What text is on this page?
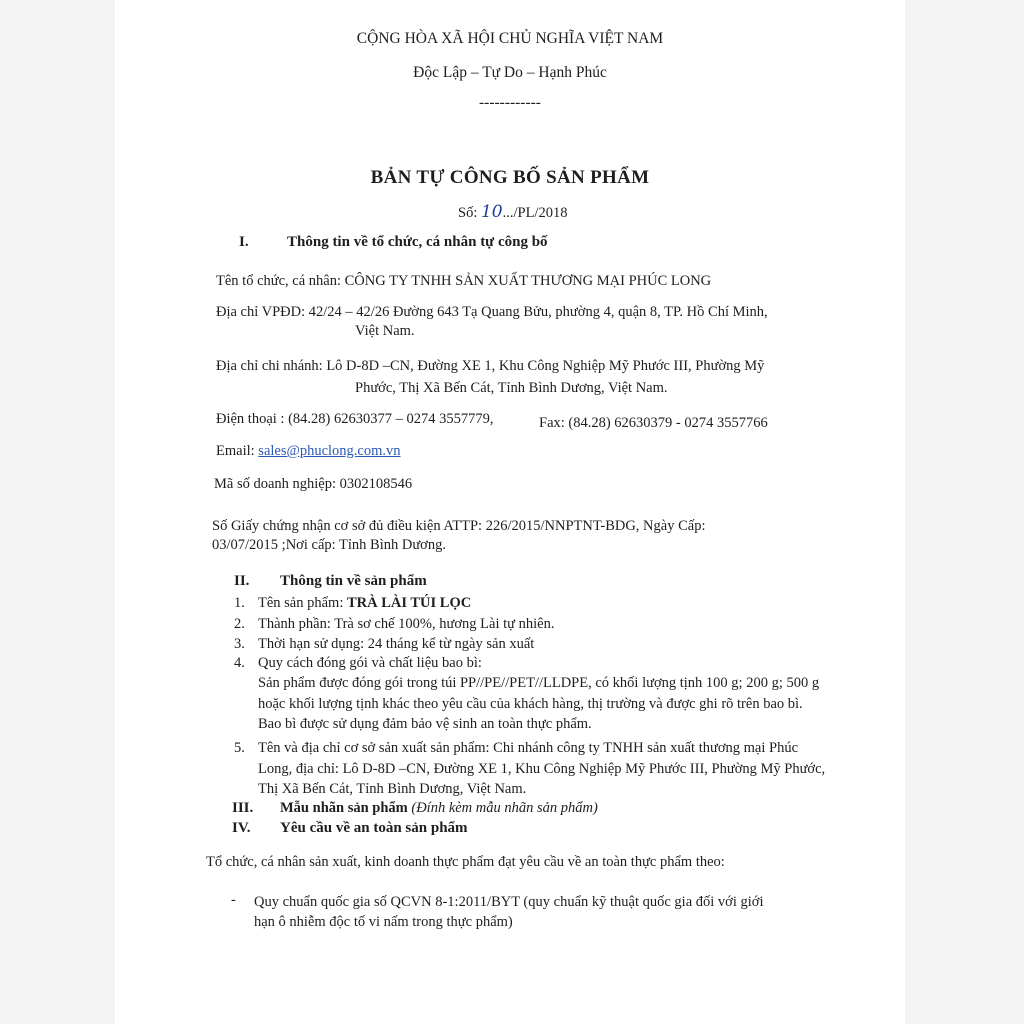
CỘNG HÒA XÃ HỘI CHỦ NGHĨA VIỆT NAM
Độc Lập – Tự Do – Hạnh Phúc
------------
BẢN TỰ CÔNG BỐ SẢN PHẨM
Số: 10.../PL/2018
I.	Thông tin về tổ chức, cá nhân tự công bố
Tên tổ chức, cá nhân: CÔNG TY TNHH SẢN XUẤT THƯƠNG MẠI PHÚC LONG
Địa chỉ VPĐD: 42/24 – 42/26 Đường 643 Tạ Quang Bửu, phường 4, quận 8, TP. Hồ Chí Minh,
Việt Nam.
Địa chỉ chi nhánh: Lô D-8D –CN, Đường XE 1, Khu Công Nghiệp Mỹ Phước III, Phường Mỹ
Phước, Thị Xã Bến Cát, Tỉnh Bình Dương, Việt Nam.
Điện thoại : (84.28) 62630377 – 0274 3557779,	Fax: (84.28) 62630379 - 0274 3557766
Email: sales@phuclong.com.vn
Mã số doanh nghiệp: 0302108546
Số Giấy chứng nhận cơ sở đủ điều kiện ATTP: 226/2015/NNPTNT-BDG, Ngày Cấp:
03/07/2015 ;Nơi cấp: Tỉnh Bình Dương.
II. Thông tin về sản phẩm
1. Tên sản phẩm: TRÀ LÀI TÚI LỌC
2. Thành phần: Trà sơ chế 100%, hương Lài tự nhiên.
3. Thời hạn sử dụng: 24 tháng kể từ ngày sản xuất
4. Quy cách đóng gói và chất liệu bao bì:
Sản phẩm được đóng gói trong túi PP//PE//PET//LLDPE, có khối lượng tịnh 100 g; 200 g; 500 g
hoặc khối lượng tịnh khác theo yêu cầu của khách hàng, thị trường và được ghi rõ trên bao bì.
Bao bì được sử dụng đảm bảo vệ sinh an toàn thực phẩm.
5. Tên và địa chỉ cơ sở sản xuất sản phẩm: Chi nhánh công ty TNHH sản xuất thương mại Phúc
Long, địa chỉ: Lô D-8D –CN, Đường XE 1, Khu Công Nghiệp Mỹ Phước III, Phường Mỹ Phước,
Thị Xã Bến Cát, Tỉnh Bình Dương, Việt Nam.
III. Mẫu nhãn sản phẩm (Đính kèm mẫu nhãn sản phẩm)
IV. Yêu cầu về an toàn sản phẩm
Tổ chức, cá nhân sản xuất, kinh doanh thực phẩm đạt yêu cầu về an toàn thực phẩm theo:
- Quy chuẩn quốc gia số QCVN 8-1:2011/BYT (quy chuẩn kỹ thuật quốc gia đối với giới
hạn ô nhiễm độc tố vi nấm trong thực phẩm)
